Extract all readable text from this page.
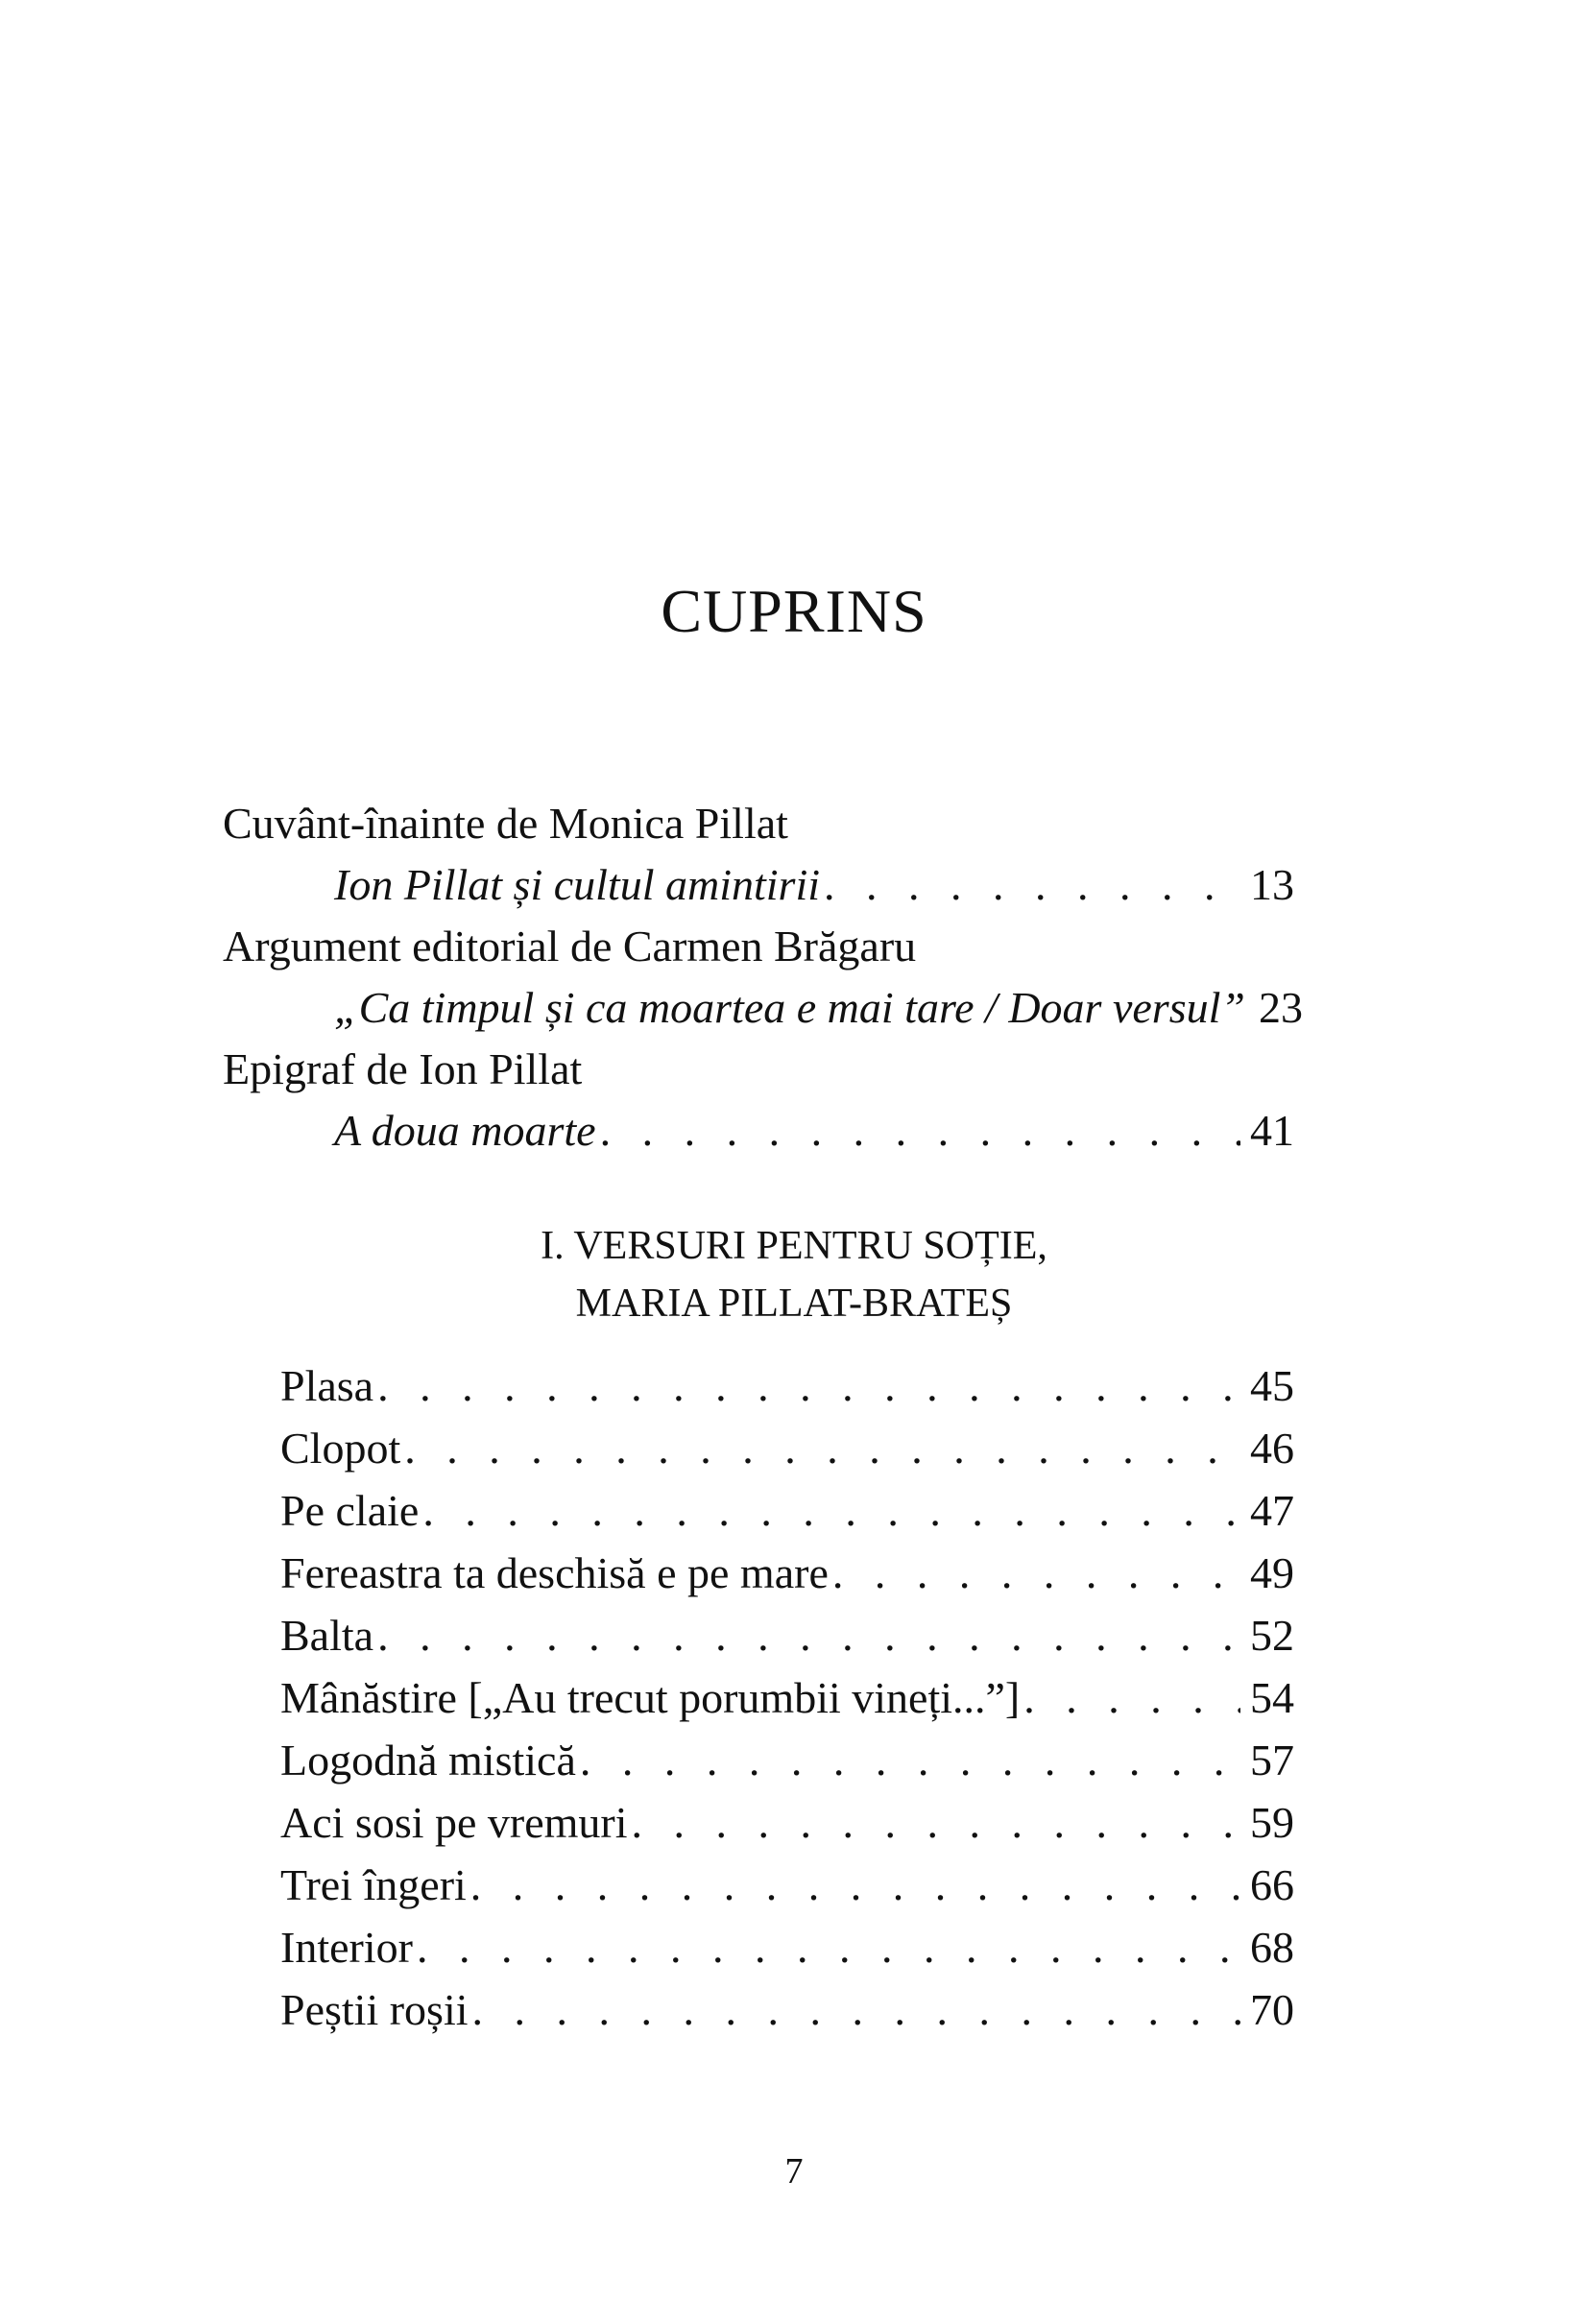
CUPRINS
Cuvânt-înainte de Monica Pillat
Ion Pillat și cultul amintirii . . .	13
Argument editorial de Carmen Brăgaru
„Ca timpul și ca moartea e mai tare / Doar versul” . . . 23
Epigraf de Ion Pillat
A doua moarte . . .	41
I. VERSURI PENTRU SOȚIE,
MARIA PILLAT-BRATEȘ
Plasa . . .	45
Clopot . . .	46
Pe claie . . .	47
Fereastra ta deschisă e pe mare . . .	49
Balta . . .	52
Mânăstire [„Au trecut porumbii vineți...”] . . .	54
Logodnă mistică . . .	57
Aci sosi pe vremuri . . .	59
Trei îngeri . . .	66
Interior . . .	68
Peștii roșii . . .	70
7
